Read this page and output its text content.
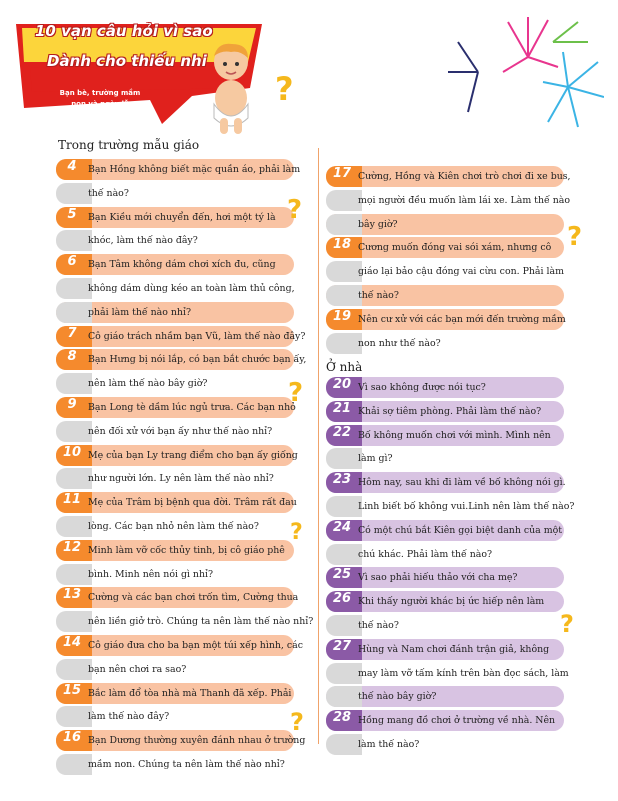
10 vạn câu hỏi vì sao
Dành cho thiếu nhi
Bạn bè, trường mầm non và ngày lễ	?
Trong trường mẫu giáo
Ở nhà
4	Bạn Hồng không biết mặc quần áo, phải làm
thế nào?
5	Bạn Kiều mới chuyển đến, hơi một tý là
khóc, làm thế nào đây?
6	Bạn Tâm không dám chơi xích đu, cũng
không dám dùng kéo an toàn làm thủ công,
phải làm thế nào nhỉ?
7	Cô giáo trách nhầm bạn Vũ, làm thế nào đây?
8	Bạn Hưng bị nói lắp, có bạn bắt chước bạn ấy,
nên làm thế nào bây giờ?
9	Bạn Long tè dầm lúc ngủ trưa. Các bạn nhỏ
nên đối xử với bạn ấy như thế nào nhỉ?
10 Mẹ của bạn Ly trang điểm cho bạn ấy giống
như người lớn. Ly nên làm thế nào nhỉ?
11 Mẹ của Trâm bị bệnh qua đời. Trâm rất đau
lòng. Các bạn nhỏ nên làm thế nào?
12 Minh làm vỡ cốc thủy tinh, bị cô giáo phê
bình. Minh nên nói gì nhỉ?
13 Cường và các bạn chơi trốn tìm, Cường thua
nên liền giở trò. Chúng ta nên làm thế nào nhỉ?
14 Cô giáo đưa cho ba bạn một túi xếp hình, các
bạn nên chơi ra sao?
15 Bắc làm đổ tòa nhà mà Thanh đã xếp. Phải
làm thế nào đây?
16 Bạn Dương thường xuyên đánh nhau ở trường
mầm non. Chúng ta nên làm thế nào nhỉ?
17 Cường, Hồng và Kiên chơi trò chơi đi xe bus,
mọi người đều muốn làm lái xe. Làm thế nào
bây giờ?
18 Cương muốn đóng vai sói xám, nhưng cô
giáo lại bảo cậu đóng vai cừu con. Phải làm
thế nào?
19 Nên cư xử với các bạn mới đến trường mầm
non như thế nào?
20 Vì sao không được nói tục?
21 Khải sợ tiêm phòng. Phải làm thế nào?
22 Bố không muốn chơi với mình. Mình nên
làm gì?
23 Hôm nay, sau khi đi làm về bố không nói gì.
Linh biết bố không vui.Linh nên làm thế nào?
24 Có một chú bắt Kiên gọi biệt danh của một
chú khác. Phải làm thế nào?
25 Vì sao phải hiếu thảo với cha mẹ?
26 Khi thấy người khác bị ức hiếp nên làm
thế nào?
27 Hùng và Nam chơi đánh trận giả, không
may làm vỡ tấm kính trên bàn đọc sách, làm
thế nào bây giờ?
28 Hồng mang đồ chơi ở trường về nhà. Nên
làm thế nào?
?
?
?
?
?
?
